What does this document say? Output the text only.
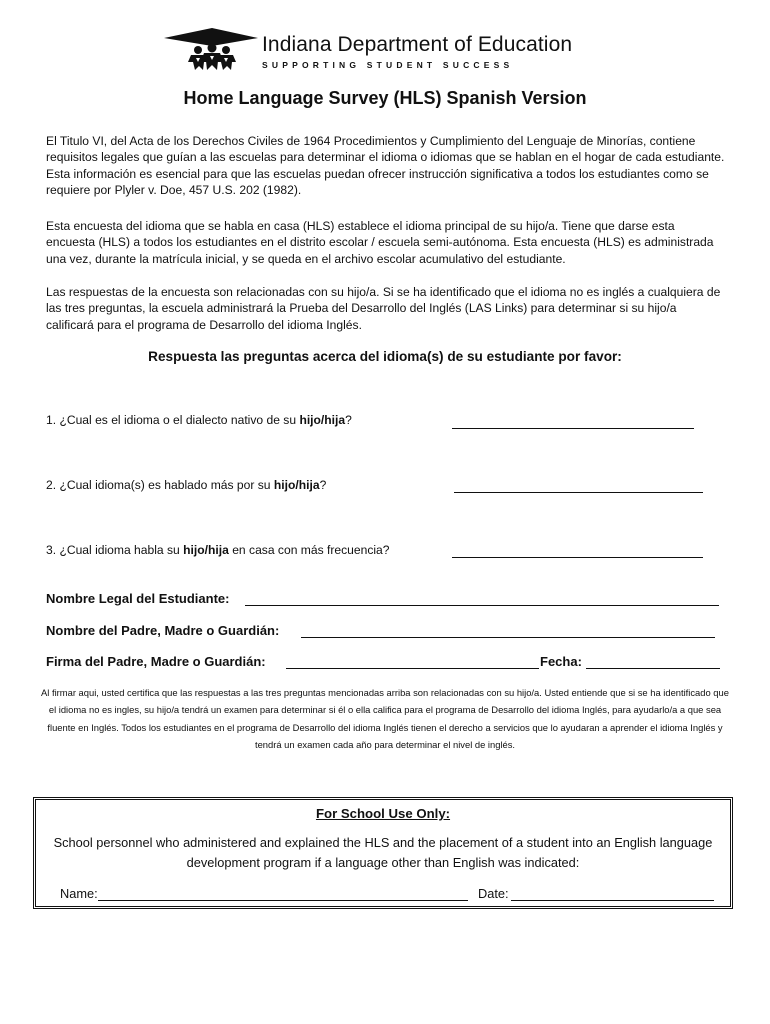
Indiana Department of Education
SUPPORTING STUDENT SUCCESS
Home Language Survey (HLS) Spanish Version

El Titulo VI, del Acta de los Derechos Civiles de 1964 Procedimientos y Cumplimiento del Lenguaje de Minorías, contiene requisitos legales que guían a las escuelas para determinar el idioma o idiomas que se hablan en el hogar de cada estudiante. Esta información es esencial para que las escuelas puedan ofrecer instrucción significativa a todos los estudiantes como se requiere por Plyler v. Doe, 457 U.S. 202 (1982).

Esta encuesta del idioma que se habla en casa (HLS) establece el idioma principal de su hijo/a. Tiene que darse esta encuesta (HLS) a todos los estudiantes en el distrito escolar / escuela semi-autónoma. Esta encuesta (HLS) es administrada una vez, durante la matrícula inicial, y se queda en el archivo escolar acumulativo del estudiante.

Las respuestas de la encuesta son relacionadas con su hijo/a. Si se ha identificado que el idioma no es inglés a cualquiera de las tres preguntas, la escuela administrará la Prueba del Desarrollo del Inglés (LAS Links) para determinar si su hijo/a calificará para el programa de Desarrollo del idioma Inglés.

Respuesta las preguntas acerca del idioma(s) de su estudiante por favor:
1. ¿Cual es el idioma o el dialecto nativo de su hijo/hija?
2. ¿Cual idioma(s) es hablado más por su hijo/hija?
3. ¿Cual idioma habla su hijo/hija en casa con más frecuencia?
Nombre Legal del Estudiante:
Nombre del Padre, Madre o Guardián:
Firma del Padre, Madre o Guardián:	Fecha:

Al firmar aqui, usted certifica que las respuestas a las tres preguntas mencionadas arriba son relacionadas con su hijo/a. Usted entiende que si se ha identificado que el idioma no es ingles, su hijo/a tendrá un examen para determinar si él o ella califica para el programa de Desarrollo del idioma Inglés, para ayudarlo/a a que sea fluente en Inglés. Todos los estudiantes en el programa de Desarrollo del idioma Inglés tienen el derecho a servicios que lo ayudaran a aprender el idioma Inglés y tendrá un examen cada año para determinar el nivel de inglés.

For School Use Only:

School personnel who administered and explained the HLS and the placement of a student into an English language development program if a language other than English was indicated:

Name:	Date:
